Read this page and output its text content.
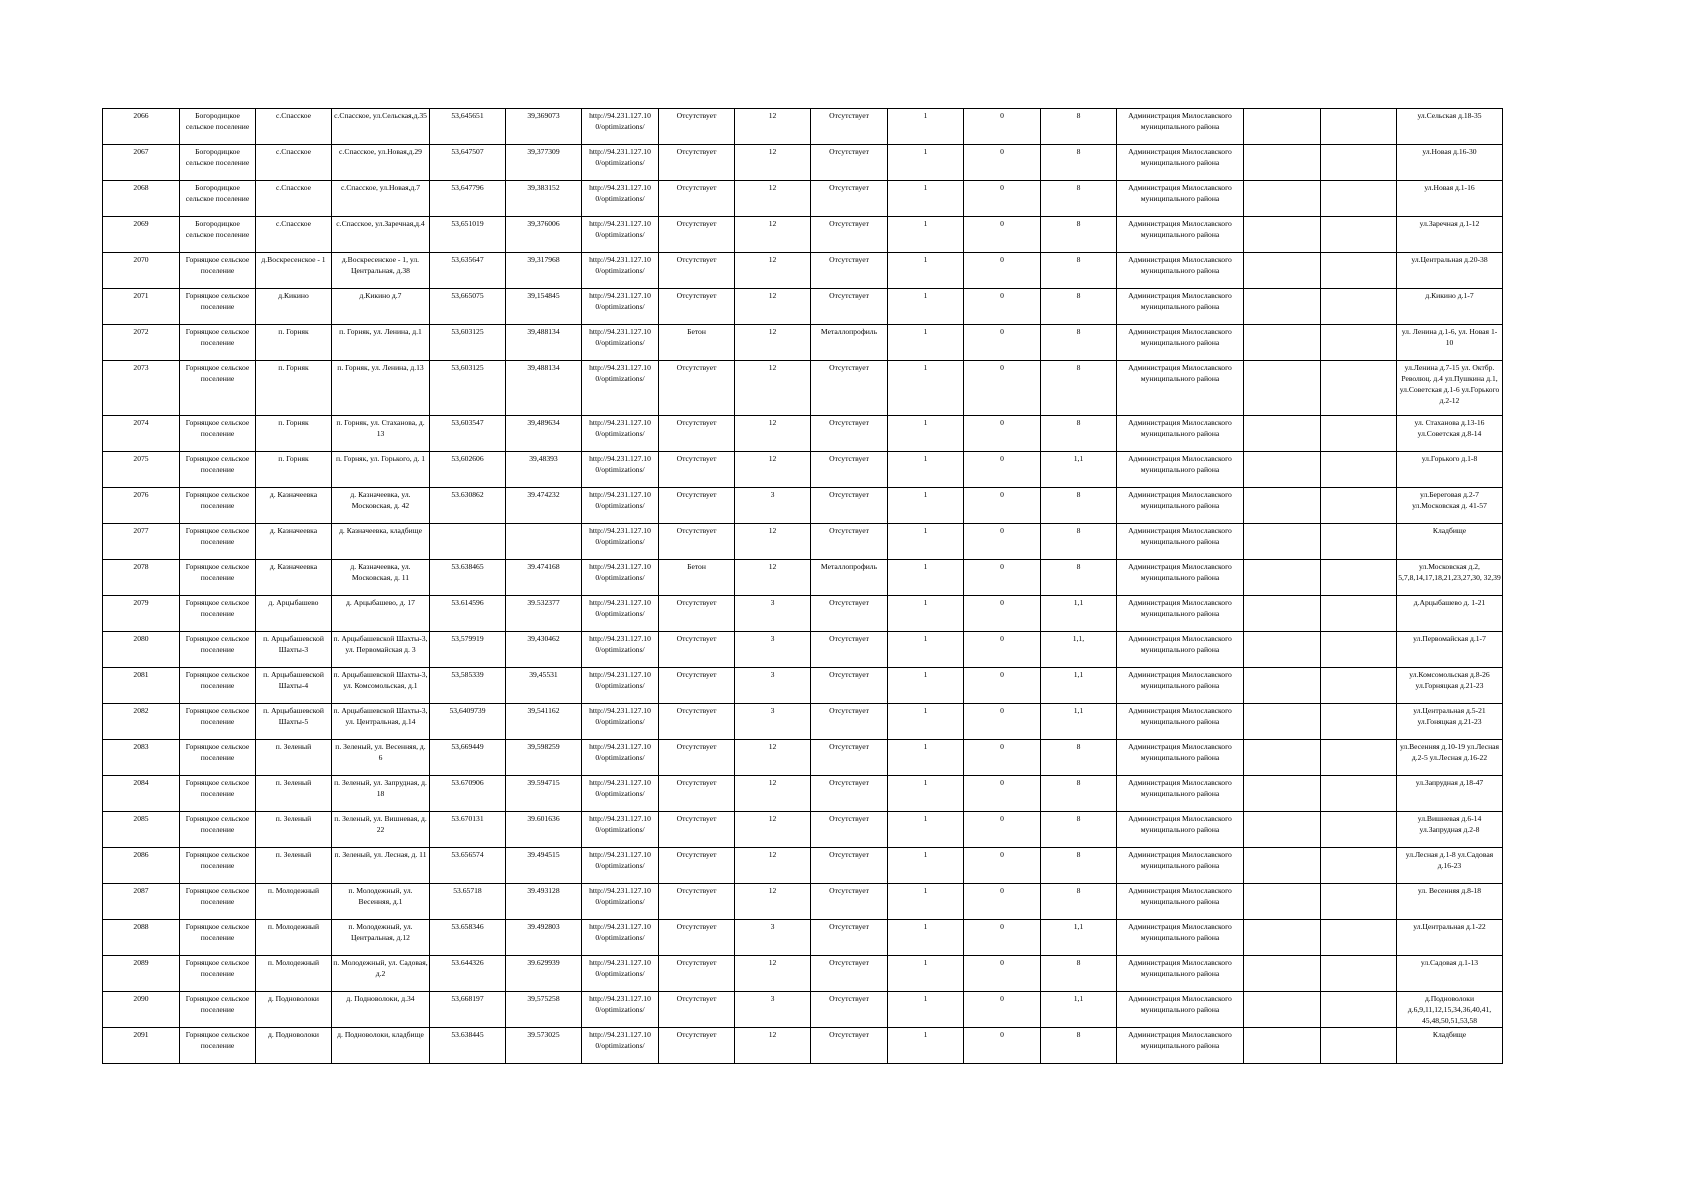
2066	Богородицкое сельское поселение	с.Спасское	с.Спасское, ул.Сельская,д.35	53,645651	39,369073	http://94.231.127.10 0/optimizations/	Отсутствует	12	Отсутствует	1	0	8	Администрация Милославского муниципального района			ул.Сельская д.18-35
2067	Богородицкое сельское поселение	с.Спасское	с.Спасское, ул.Новая,д.29	53,647507	39,377309	http://94.231.127.10 0/optimizations/	Отсутствует	12	Отсутствует	1	0	8	Администрация Милославского муниципального района			ул.Новая д.16-30
2068	Богородицкое сельское поселение	с.Спасское	с.Спасское, ул.Новая,д.7	53,647796	39,383152	http://94.231.127.10 0/optimizations/	Отсутствует	12	Отсутствует	1	0	8	Администрация Милославского муниципального района			ул.Новая д.1-16
2069	Богородицкое сельское поселение	с.Спасское	с.Спасское, ул.Заречная,д.4	53,651019	39,376006	http://94.231.127.10 0/optimizations/	Отсутствует	12	Отсутствует	1	0	8	Администрация Милославского муниципального района			ул.Заречная д.1-12
2070	Горняцкое сельское поселение	д.Воскресенское - 1	д.Воскресенское - 1, ул. Центральная, д.38	53,635647	39,317968	http://94.231.127.10 0/optimizations/	Отсутствует	12	Отсутствует	1	0	8	Администрация Милославского муниципального района			ул.Центральная д.20-38
2071	Горняцкое сельское поселение	д.Кикино	д.Кикино д.7	53,665075	39,154845	http://94.231.127.10 0/optimizations/	Отсутствует	12	Отсутствует	1	0	8	Администрация Милославского муниципального района			д.Кикино д.1-7
2072	Горняцкое сельское поселение	п. Горняк	п. Горняк, ул. Ленина, д.1	53,603125	39,488134	http://94.231.127.10 0/optimizations/	Бетон	12	Металлопрофиль	1	0	8	Администрация Милославского муниципального района			ул. Ленина д.1-6, ул. Новая 1-10
2073	Горняцкое сельское поселение	п. Горняк	п. Горняк, ул. Ленина, д.13	53,603125	39,488134	http://94.231.127.10 0/optimizations/	Отсутствует	12	Отсутствует	1	0	8	Администрация Милославского муниципального района			ул.Ленина д.7-15 ул. Октбр. Революц. д.4 ул.Пушкина д.1, ул.Советская д.1-6 ул.Горького д.2-12
2074	Горняцкое сельское поселение	п. Горняк	п. Горняк, ул. Стаханова, д. 13	53,603547	39,489634	http://94.231.127.10 0/optimizations/	Отсутствует	12	Отсутствует	1	0	8	Администрация Милославского муниципального района			ул. Стаханова д.13-16 ул.Советская д.8-14
2075	Горняцкое сельское поселение	п. Горняк	п. Горняк, ул. Горького, д. 1	53,602606	39,48393	http://94.231.127.10 0/optimizations/	Отсутствует	12	Отсутствует	1	0	1,1	Администрация Милославского муниципального района			ул.Горького д.1-8
2076	Горняцкое сельское поселение	д. Казначеевка	д. Казначеевка, ул. Московская, д. 42	53.630862	39.474232	http://94.231.127.10 0/optimizations/	Отсутствует	3	Отсутствует	1	0	8	Администрация Милославского муниципального района			ул.Береговая д.2-7 ул.Московская д. 41-57
2077	Горняцкое сельское поселение	д. Казначеевка	д. Казначеевка, кладбище			http://94.231.127.10 0/optimizations/	Отсутствует	12	Отсутствует	1	0	8	Администрация Милославского муниципального района			Кладбище
2078	Горняцкое сельское поселение	д. Казначеевка	д. Казначеевка, ул. Московская, д. 11	53.638465	39.474168	http://94.231.127.10 0/optimizations/	Бетон	12	Металлопрофиль	1	0	8	Администрация Милославского муниципального района			ул.Московская д.2, 5,7,8,14,17,18,21,23,27,30, 32,39
2079	Горняцкое сельское поселение	д. Арцыбашево	д. Арцыбашево, д. 17	53.614596	39.532377	http://94.231.127.10 0/optimizations/	Отсутствует	3	Отсутствует	1	0	1,1	Администрация Милославского муниципального района			д.Арцыбашево д. 1-21
2080	Горняцкое сельское поселение	п. Арцыбашевской Шахты-3	п. Арцыбашевской Шахты-3, ул. Первомайская д. 3	53,579919	39,430462	http://94.231.127.10 0/optimizations/	Отсутствует	3	Отсутствует	1	0	1,1,	Администрация Милославского муниципального района			ул.Первомайская д.1-7
2081	Горняцкое сельское поселение	п. Арцыбашевской Шахты-4	п. Арцыбашевской Шахты-3, ул. Комсомольская, д.1	53,585339	39,45531	http://94.231.127.10 0/optimizations/	Отсутствует	3	Отсутствует	1	0	1,1	Администрация Милославского муниципального района			ул.Комсомольская д.8-26 ул.Горняцкая д.21-23
2082	Горняцкое сельское поселение	п. Арцыбашевской Шахты-5	п. Арцыбашевской Шахты-3, ул. Центральная, д.14	53,6409739	39,541162	http://94.231.127.10 0/optimizations/	Отсутствует	3	Отсутствует	1	0	1,1	Администрация Милославского муниципального района			ул.Центральная д.5-21 ул.Гоняцкая д.21-23
2083	Горняцкое сельское поселение	п. Зеленый	п. Зеленый, ул. Весенняя, д. 6	53,669449	39,598259	http://94.231.127.10 0/optimizations/	Отсутствует	12	Отсутствует	1	0	8	Администрация Милославского муниципального района			ул.Весенняя д.10-19 ул.Лесная д.2-5 ул.Лесная д.16-22
2084	Горняцкое сельское поселение	п. Зеленый	п. Зеленый, ул. Запрудная, д. 18	53.670906	39.594715	http://94.231.127.10 0/optimizations/	Отсутствует	12	Отсутствует	1	0	8	Администрация Милославского муниципального района			ул.Запрудная д.18-47
2085	Горняцкое сельское поселение	п. Зеленый	п. Зеленый, ул. Вишневая, д. 22	53.670131	39.601636	http://94.231.127.10 0/optimizations/	Отсутствует	12	Отсутствует	1	0	8	Администрация Милославского муниципального района			ул.Вишневая д.6-14 ул.Запрудная д.2-8
2086	Горняцкое сельское поселение	п. Зеленый	п. Зеленый, ул. Лесная, д. 11	53.656574	39.494515	http://94.231.127.10 0/optimizations/	Отсутствует	12	Отсутствует	1	0	8	Администрация Милославского муниципального района			ул.Лесная д.1-8 ул.Садовая д.16-23
2087	Горняцкое сельское поселение	п. Молодежный	п. Молодежный, ул. Весенняя, д.1	53.65718	39.493128	http://94.231.127.10 0/optimizations/	Отсутствует	12	Отсутствует	1	0	8	Администрация Милославского муниципального района			ул. Весенняя д.8-18
2088	Горняцкое сельское поселение	п. Молодежный	п. Молодежный, ул. Центральная, д.12	53.658346	39.492803	http://94.231.127.10 0/optimizations/	Отсутствует	3	Отсутствует	1	0	1,1	Администрация Милославского муниципального района			ул.Центральная д.1-22
2089	Горняцкое сельское поселение	п. Молодежный	п. Молодежный, ул. Садовая, д.2	53.644326	39.629939	http://94.231.127.10 0/optimizations/	Отсутствует	12	Отсутствует	1	0	8	Администрация Милославского муниципального района			ул.Садовая д.1-13
2090	Горняцкое сельское поселение	д. Подноволоки	д. Подноволоки, д.34	53,668197	39,575258	http://94.231.127.10 0/optimizations/	Отсутствует	3	Отсутствует	1	0	1,1	Администрация Милославского муниципального района			д.Подноволоки д.6,9,11,12,15,34,36,40,41, 45,48,50,51,53,58
2091	Горняцкое сельское поселение	д. Подноволоки	д. Подноволоки, кладбище	53.638445	39.573025	http://94.231.127.10 0/optimizations/	Отсутствует	12	Отсутствует	1	0	8	Администрация Милославского муниципального района			Кладбище
